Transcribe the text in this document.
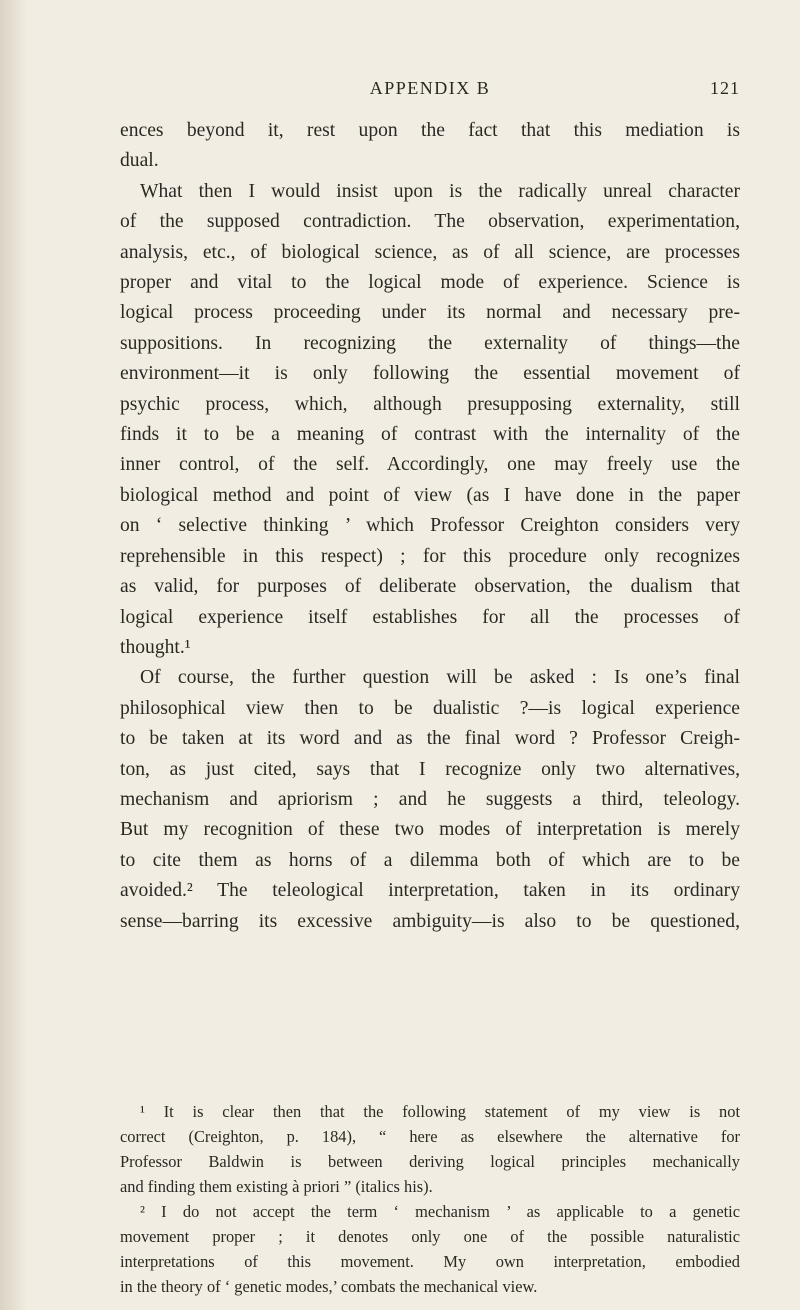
APPENDIX B	121
ences beyond it, rest upon the fact that this mediation is
dual.
What then I would insist upon is the radically unreal character
of the supposed contradiction. The observation, experimentation,
analysis, etc., of biological science, as of all science, are processes
proper and vital to the logical mode of experience. Science is
logical process proceeding under its normal and necessary pre-
suppositions. In recognizing the externality of things—the
environment—it is only following the essential movement of
psychic process, which, although presupposing externality, still
finds it to be a meaning of contrast with the internality of the
inner control, of the self. Accordingly, one may freely use the
biological method and point of view (as I have done in the paper
on ‘ selective thinking ’ which Professor Creighton considers very
reprehensible in this respect) ; for this procedure only recognizes
as valid, for purposes of deliberate observation, the dualism that
logical experience itself establishes for all the processes of
thought.¹
Of course, the further question will be asked : Is one’s final
philosophical view then to be dualistic ?—is logical experience
to be taken at its word and as the final word ? Professor Creigh-
ton, as just cited, says that I recognize only two alternatives,
mechanism and apriorism ; and he suggests a third, teleology.
But my recognition of these two modes of interpretation is merely
to cite them as horns of a dilemma both of which are to be
avoided.² The teleological interpretation, taken in its ordinary
sense—barring its excessive ambiguity—is also to be questioned,
¹ It is clear then that the following statement of my view is not
correct (Creighton, p. 184), “ here as elsewhere the alternative for
Professor Baldwin is between deriving logical principles mechanically
and finding them existing à priori ” (italics his).
² I do not accept the term ‘ mechanism ’ as applicable to a genetic
movement proper ; it denotes only one of the possible naturalistic
interpretations of this movement. My own interpretation, embodied
in the theory of ‘ genetic modes,’ combats the mechanical view.
